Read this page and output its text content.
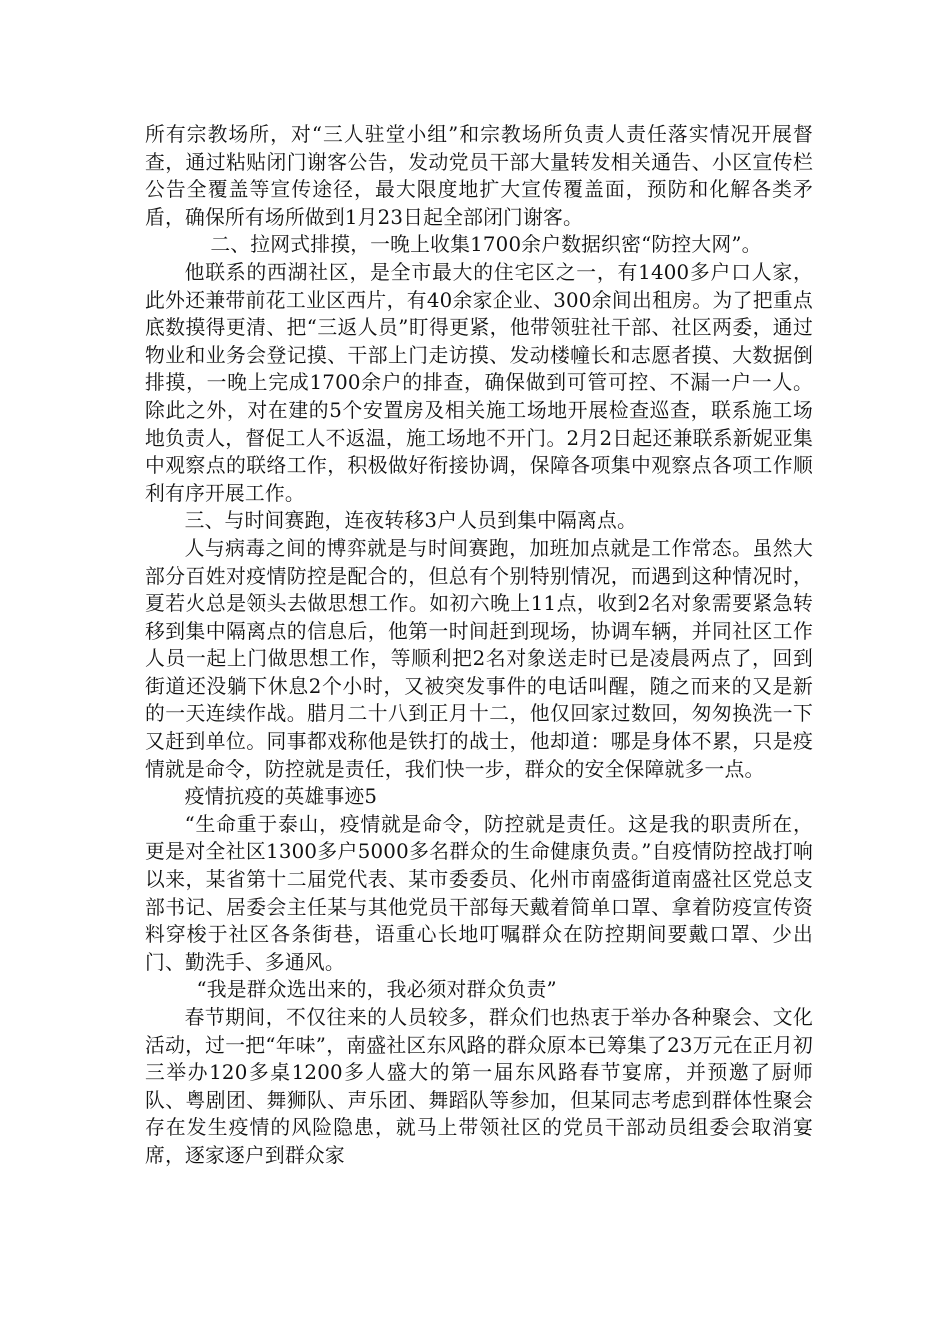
所有宗教场所，对“三人驻堂小组”和宗教场所负责人责任落实情况开展督查，通过粘贴闭门谢客公告，发动党员干部大量转发相关通告、小区宣传栏公告全覆盖等宣传途径，最大限度地扩大宣传覆盖面，预防和化解各类矛盾，确保所有场所做到1月23日起全部闭门谢客。

二、拉网式排摸，一晚上收集1700余户数据织密“防控大网”。

他联系的西湖社区，是全市最大的住宅区之一，有1400多户口人家，此外还兼带前花工业区西片，有40余家企业、300余间出租房。为了把重点底数摸得更清、把“三返人员”盯得更紧，他带领驻社干部、社区两委，通过物业和业务会登记摸、干部上门走访摸、发动楼幢长和志愿者摸、大数据倒排摸，一晚上完成1700余户的排查，确保做到可管可控、不漏一户一人。除此之外，对在建的5个安置房及相关施工场地开展检查巡查，联系施工场地负责人，督促工人不返温，施工场地不开门。2月2日起还兼联系新妮亚集中观察点的联络工作，积极做好衔接协调，保障各项集中观察点各项工作顺利有序开展工作。

三、与时间赛跑，连夜转移3户人员到集中隔离点。

人与病毒之间的博弈就是与时间赛跑，加班加点就是工作常态。虽然大部分百姓对疫情防控是配合的，但总有个别特别情况，而遇到这种情况时，夏若火总是领头去做思想工作。如初六晚上11点，收到2名对象需要紧急转移到集中隔离点的信息后，他第一时间赶到现场，协调车辆，并同社区工作人员一起上门做思想工作，等顺利把2名对象送走时已是凌晨两点了，回到街道还没躺下休息2个小时，又被突发事件的电话叫醒，随之而来的又是新的一天连续作战。腊月二十八到正月十二，他仅回家过数回，匆匆换洗一下又赶到单位。同事都戏称他是铁打的战士，他却道：哪是身体不累，只是疫情就是命令，防控就是责任，我们快一步，群众的安全保障就多一点。

疫情抗疫的英雄事迹5

“生命重于泰山，疫情就是命令，防控就是责任。这是我的职责所在，更是对全社区1300多户5000多名群众的生命健康负责。”自疫情防控战打响以来，某省第十二届党代表、某市委委员、化州市南盛街道南盛社区党总支部书记、居委会主任某与其他党员干部每天戴着简单口罩、拿着防疫宣传资料穿梭于社区各条街巷，语重心长地叮嘱群众在防控期间要戴口罩、少出门、勤洗手、多通风。

“我是群众选出来的，我必须对群众负责”

春节期间，不仅往来的人员较多，群众们也热衷于举办各种聚会、文化活动，过一把“年味”，南盛社区东风路的群众原本已筹集了23万元在正月初三举办120多桌1200多人盛大的第一届东风路春节宴席，并预邀了厨师队、粤剧团、舞狮队、声乐团、舞蹈队等参加，但某同志考虑到群体性聚会存在发生疫情的风险隐患，就马上带领社区的党员干部动员组委会取消宴席，逐家逐户到群众家
